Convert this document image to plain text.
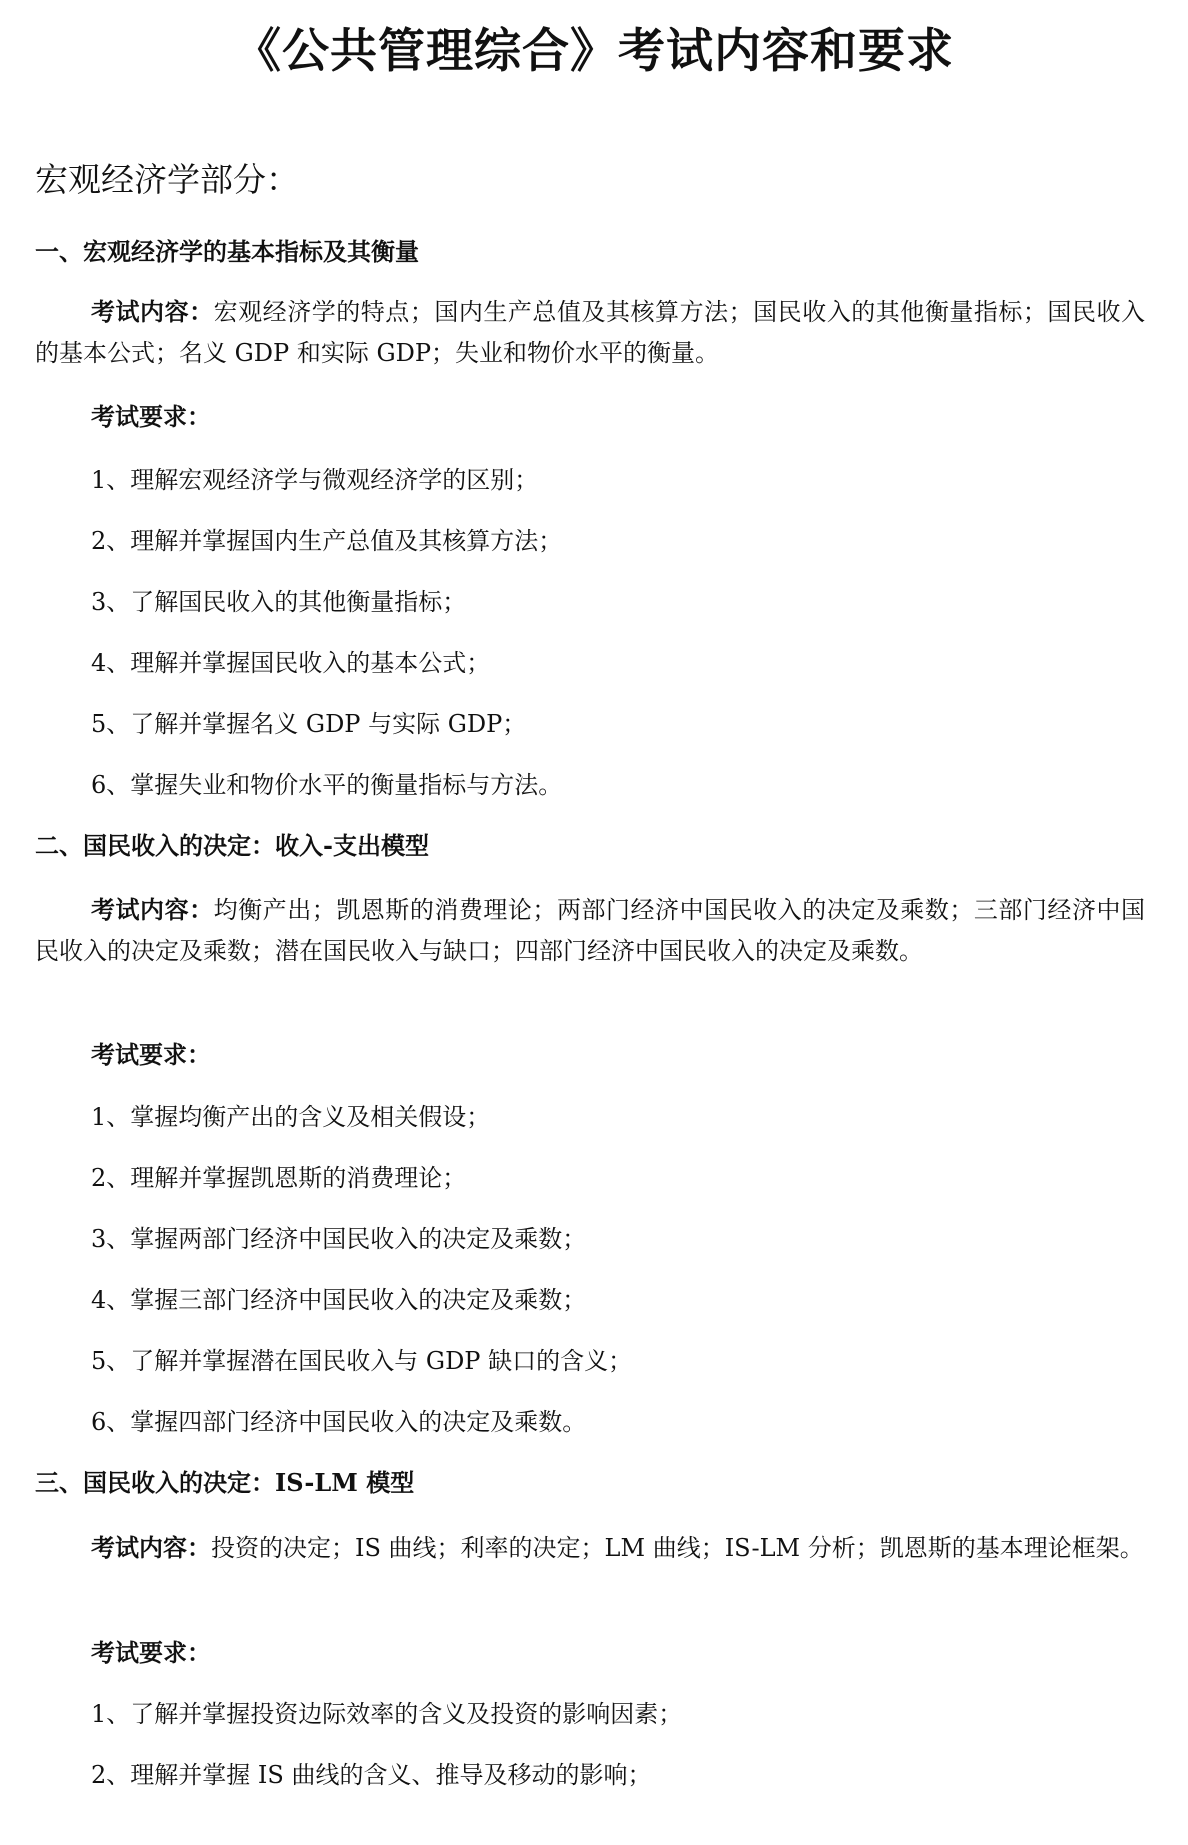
《公共管理综合》考试内容和要求
宏观经济学部分：
一、宏观经济学的基本指标及其衡量

考试内容：宏观经济学的特点；国内生产总值及其核算方法；国民收入的其他衡量指标；国民收入的基本公式；名义 GDP 和实际 GDP；失业和物价水平的衡量。

考试要求：

1、理解宏观经济学与微观经济学的区别；

2、理解并掌握国内生产总值及其核算方法；

3、了解国民收入的其他衡量指标；

4、理解并掌握国民收入的基本公式；

5、了解并掌握名义 GDP 与实际 GDP；

6、掌握失业和物价水平的衡量指标与方法。

二、国民收入的决定：收入-支出模型

考试内容：均衡产出；凯恩斯的消费理论；两部门经济中国民收入的决定及乘数；三部门经济中国民收入的决定及乘数；潜在国民收入与缺口；四部门经济中国民收入的决定及乘数。

考试要求：

1、掌握均衡产出的含义及相关假设；

2、理解并掌握凯恩斯的消费理论；

3、掌握两部门经济中国民收入的决定及乘数；

4、掌握三部门经济中国民收入的决定及乘数；

5、了解并掌握潜在国民收入与 GDP 缺口的含义；

6、掌握四部门经济中国民收入的决定及乘数。

三、国民收入的决定：IS-LM 模型

考试内容：投资的决定；IS 曲线；利率的决定；LM 曲线；IS-LM 分析；凯恩斯的基本理论框架。

考试要求：

1、了解并掌握投资边际效率的含义及投资的影响因素；

2、理解并掌握 IS 曲线的含义、推导及移动的影响；
